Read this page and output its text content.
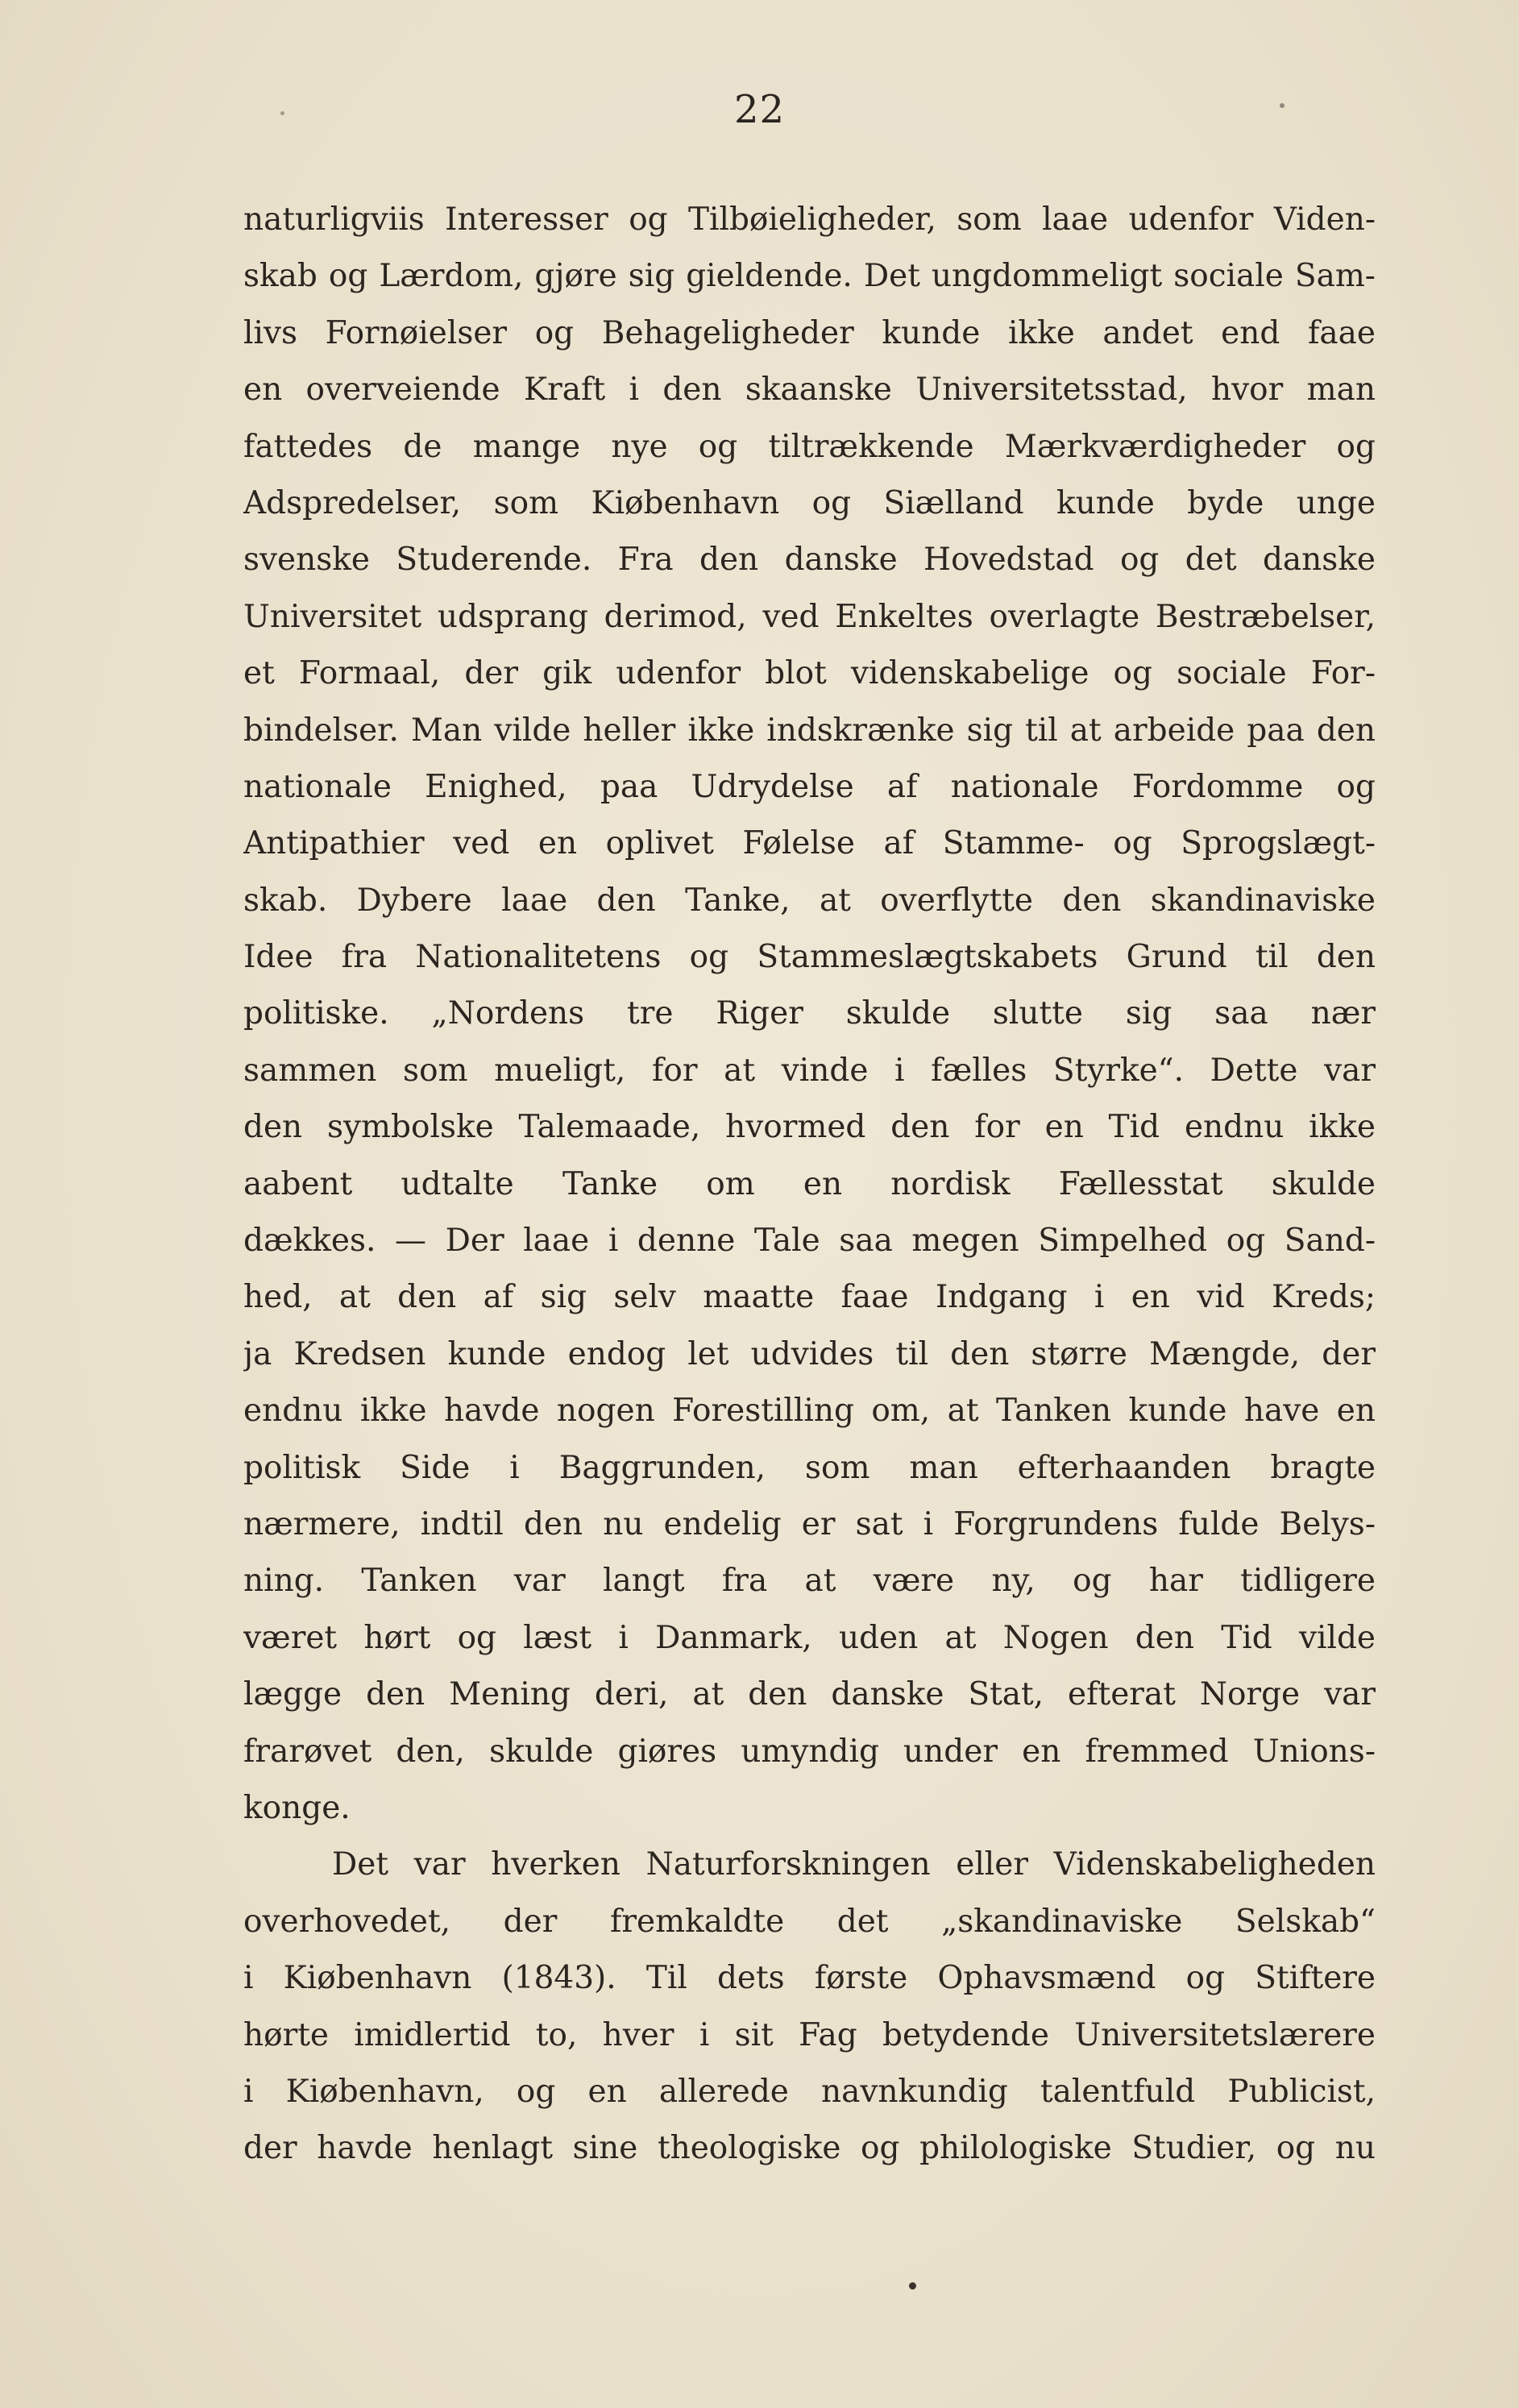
22
naturligviis Interesser og Tilbøieligheder, som laae udenfor Viden-
skab og Lærdom, gjøre sig gieldende. Det ungdommeligt sociale Sam-
livs Fornøielser og Behageligheder kunde ikke andet end faae
en overveiende Kraft i den skaanske Universitetsstad, hvor man
fattedes de mange nye og tiltrækkende Mærkværdigheder og
Adspredelser, som Kiøbenhavn og Siælland kunde byde unge
svenske Studerende. Fra den danske Hovedstad og det danske
Universitet udsprang derimod, ved Enkeltes overlagte Bestræbelser,
et Formaal, der gik udenfor blot videnskabelige og sociale For-
bindelser. Man vilde heller ikke indskrænke sig til at arbeide paa den
nationale Enighed, paa Udrydelse af nationale Fordomme og
Antipathier ved en oplivet Følelse af Stamme- og Sprogslægt-
skab. Dybere laae den Tanke, at overflytte den skandinaviske
Idee fra Nationalitetens og Stammeslægtskabets Grund til den
politiske. „Nordens tre Riger skulde slutte sig saa nær
sammen som mueligt, for at vinde i fælles Styrke“. Dette var
den symbolske Talemaade, hvormed den for en Tid endnu ikke
aabent udtalte Tanke om en nordisk Fællesstat skulde
dækkes. — Der laae i denne Tale saa megen Simpelhed og Sand-
hed, at den af sig selv maatte faae Indgang i en vid Kreds;
ja Kredsen kunde endog let udvides til den større Mængde, der
endnu ikke havde nogen Forestilling om, at Tanken kunde have en
politisk Side i Baggrunden, som man efterhaanden bragte
nærmere, indtil den nu endelig er sat i Forgrundens fulde Belys-
ning. Tanken var langt fra at være ny, og har tidligere
været hørt og læst i Danmark, uden at Nogen den Tid vilde
lægge den Mening deri, at den danske Stat, efterat Norge var
frarøvet den, skulde giøres umyndig under en fremmed Unions-
konge.
Det var hverken Naturforskningen eller Videnskabeligheden
overhovedet, der fremkaldte det „skandinaviske Selskab“
i Kiøbenhavn (1843). Til dets første Ophavsmænd og Stiftere
hørte imidlertid to, hver i sit Fag betydende Universitetslærere
i Kiøbenhavn, og en allerede navnkundig talentfuld Publicist,
der havde henlagt sine theologiske og philologiske Studier, og nu
